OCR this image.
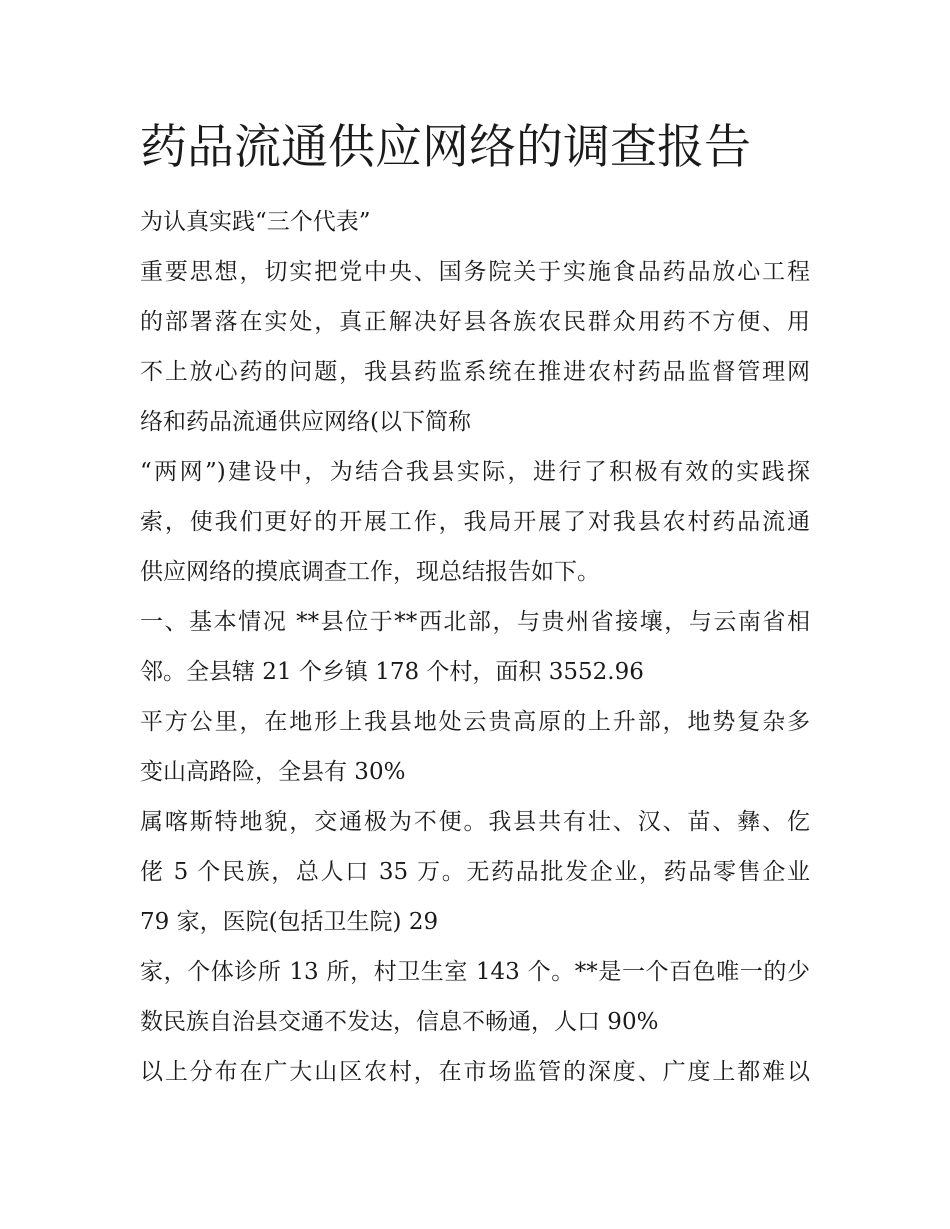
药品流通供应网络的调查报告

为认真实践“三个代表”

重要思想，切实把党中央、国务院关于实施食品药品放心工程

的部署落在实处，真正解决好县各族农民群众用药不方便、用

不上放心药的问题，我县药监系统在推进农村药品监督管理网

络和药品流通供应网络(以下简称

“两网”)建设中，为结合我县实际，进行了积极有效的实践探

索，使我们更好的开展工作，我局开展了对我县农村药品流通

供应网络的摸底调查工作，现总结报告如下。

一、基本情况 **县位于**西北部，与贵州省接壤，与云南省相

邻。全县辖 21 个乡镇 178 个村，面积 3552.96

平方公里，在地形上我县地处云贵高原的上升部，地势复杂多

变山高路险，全县有 30%

属喀斯特地貌，交通极为不便。我县共有壮、汉、苗、彝、仡

佬 5 个民族，总人口 35 万。无药品批发企业，药品零售企业

79 家，医院(包括卫生院) 29

家，个体诊所 13 所，村卫生室 143 个。**是一个百色唯一的少

数民族自治县交通不发达，信息不畅通，人口 90%

以上分布在广大山区农村，在市场监管的深度、广度上都难以
